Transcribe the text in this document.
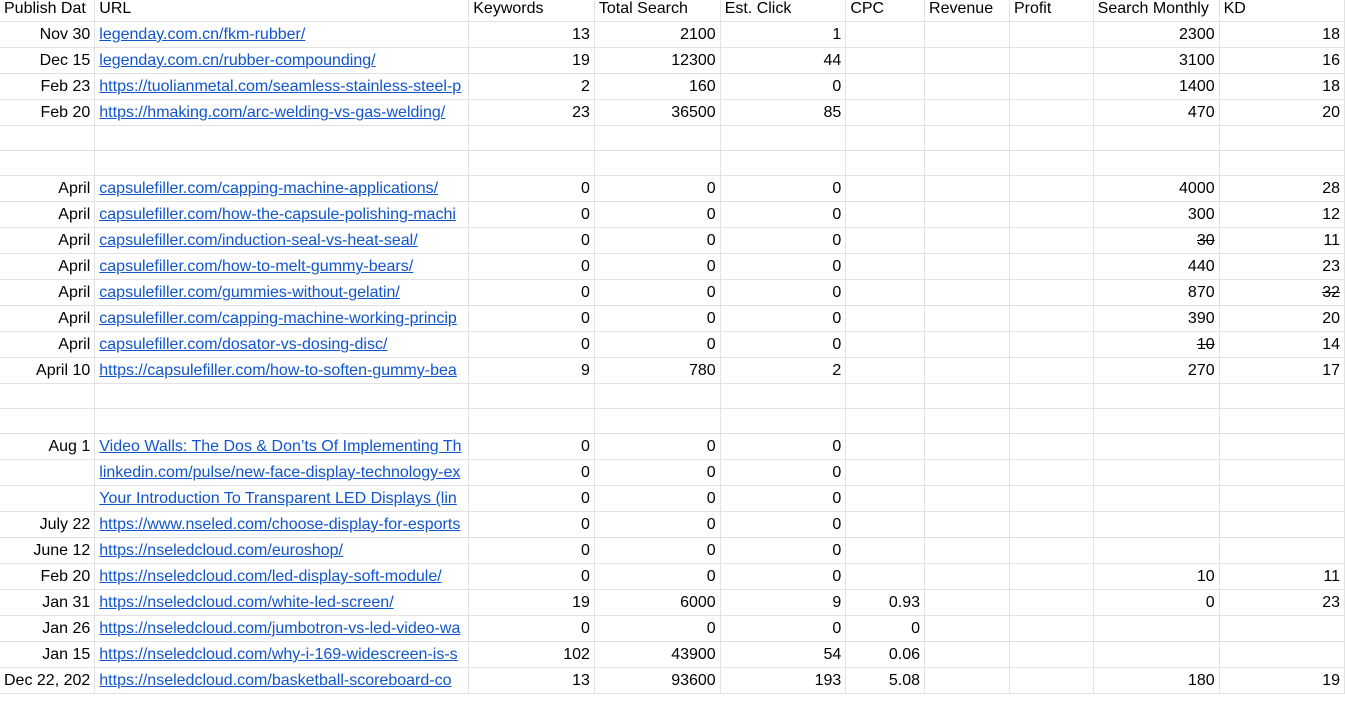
Publish Dat	URL	Keywords	Total Search	Est. Click	CPC	Revenue	Profit	Search Monthly	KD
Nov 30	legenday.com.cn/fkm-rubber/	13	2100	1				2300	18
Dec 15	legenday.com.cn/rubber-compounding/	19	12300	44				3100	16
Feb 23	https://tuolianmetal.com/seamless-stainless-steel-p	2	160	0				1400	18
Feb 20	https://hmaking.com/arc-welding-vs-gas-welding/	23	36500	85				470	20

April	capsulefiller.com/capping-machine-applications/	0	0	0				4000	28
April	capsulefiller.com/how-the-capsule-polishing-machi	0	0	0				300	12
April	capsulefiller.com/induction-seal-vs-heat-seal/	0	0	0				30	11
April	capsulefiller.com/how-to-melt-gummy-bears/	0	0	0				440	23
April	capsulefiller.com/gummies-without-gelatin/	0	0	0				870	32
April	capsulefiller.com/capping-machine-working-princip	0	0	0				390	20
April	capsulefiller.com/dosator-vs-dosing-disc/	0	0	0				10	14
April 10	https://capsulefiller.com/how-to-soften-gummy-bea	9	780	2				270	17

Aug 1	Video Walls: The Dos & Don’ts Of Implementing Th	0	0	0					
	linkedin.com/pulse/new-face-display-technology-ex	0	0	0					
	Your Introduction To Transparent LED Displays (lin	0	0	0					
July 22	https://www.nseled.com/choose-display-for-esports	0	0	0					
June 12	https://nseledcloud.com/euroshop/	0	0	0					
Feb 20	https://nseledcloud.com/led-display-soft-module/	0	0	0				10	11
Jan 31	https://nseledcloud.com/white-led-screen/	19	6000	9	0.93			0	23
Jan 26	https://nseledcloud.com/jumbotron-vs-led-video-wa	0	0	0	0				
Jan 15	https://nseledcloud.com/why-i-169-widescreen-is-s	102	43900	54	0.06				
Dec 22, 202	https://nseledcloud.com/basketball-scoreboard-co	13	93600	193	5.08			180	19
